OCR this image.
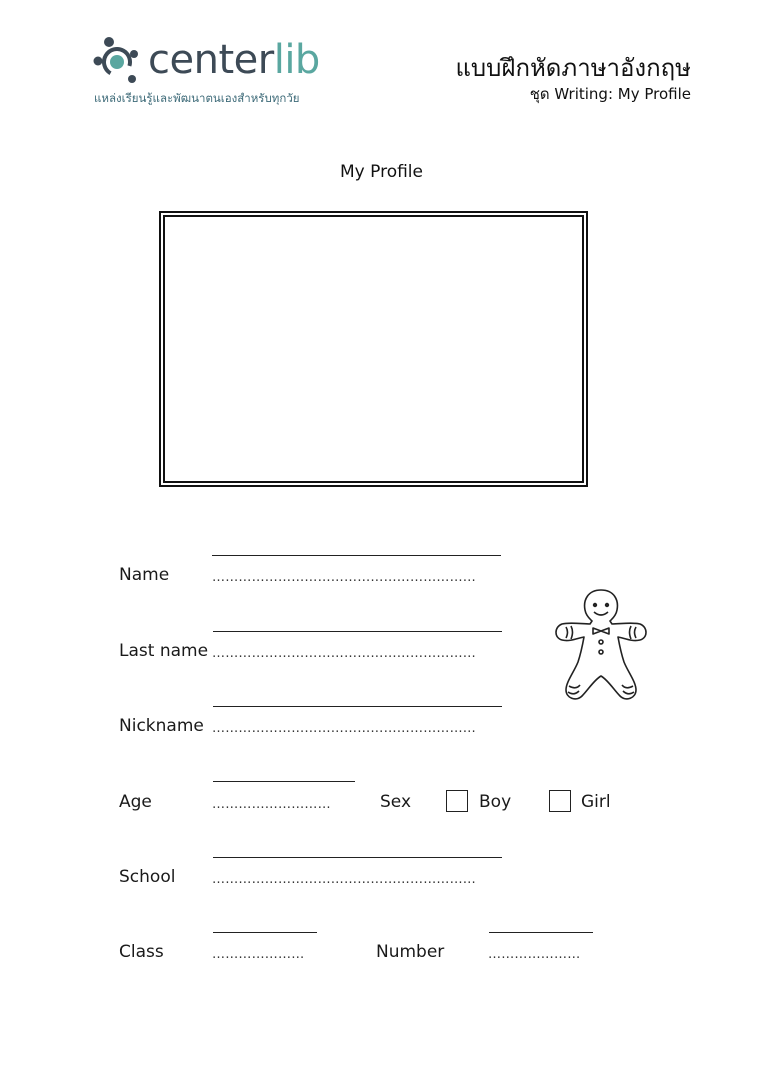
centerlib
แหล่งเรียนรู้และพัฒนาตนเองสำหรับทุกวัย
แบบฝึกหัดภาษาอังกฤษ
ชุด Writing: My Profile
My Profile
Name	……………………………………………………
Last name ……………………………………………………
Nickname ……………………………………………………
Age	………………………	Sex	Boy	Girl
School	……………………………………………………
Class	…………………	Number	…………………
